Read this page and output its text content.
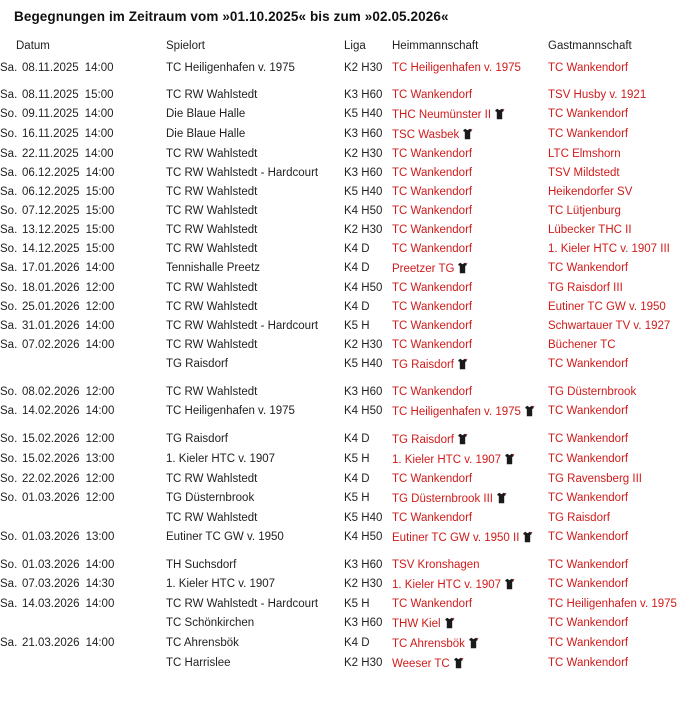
Begegnungen im Zeitraum vom »01.10.2025« bis zum »02.05.2026«
Datum	Spielort	Liga	Heimmannschaft	Gastmannschaft
Sa. 08.11.2025 14:00	TC Heiligenhafen v. 1975	K2 H30	TC Heiligenhafen v. 1975	TC Wankendorf
Sa. 08.11.2025 15:00	TC RW Wahlstedt	K3 H60	TC Wankendorf	TSV Husby v. 1921
So. 09.11.2025 14:00	Die Blaue Halle	K5 H40	THC Neumünster II	TC Wankendorf
So. 16.11.2025 14:00	Die Blaue Halle	K3 H60	TSC Wasbek	TC Wankendorf
Sa. 22.11.2025 14:00	TC RW Wahlstedt	K2 H30	TC Wankendorf	LTC Elmshorn
Sa. 06.12.2025 14:00	TC RW Wahlstedt - Hardcourt	K3 H60	TC Wankendorf	TSV Mildstedt
Sa. 06.12.2025 15:00	TC RW Wahlstedt	K5 H40	TC Wankendorf	Heikendorfer SV
So. 07.12.2025 15:00	TC RW Wahlstedt	K4 H50	TC Wankendorf	TC Lütjenburg
Sa. 13.12.2025 15:00	TC RW Wahlstedt	K2 H30	TC Wankendorf	Lübecker THC II
So. 14.12.2025 15:00	TC RW Wahlstedt	K4 D	TC Wankendorf	1. Kieler HTC v. 1907 III
Sa. 17.01.2026 14:00	Tennishalle Preetz	K4 D	Preetzer TG	TC Wankendorf
So. 18.01.2026 12:00	TC RW Wahlstedt	K4 H50	TC Wankendorf	TG Raisdorf III
So. 25.01.2026 12:00	TC RW Wahlstedt	K4 D	TC Wankendorf	Eutiner TC GW v. 1950
Sa. 31.01.2026 14:00	TC RW Wahlstedt - Hardcourt	K5 H	TC Wankendorf	Schwartauer TV v. 1927
Sa. 07.02.2026 14:00	TC RW Wahlstedt	K2 H30	TC Wankendorf	Büchener TC
	TG Raisdorf	K5 H40	TG Raisdorf	TC Wankendorf
So. 08.02.2026 12:00	TC RW Wahlstedt	K3 H60	TC Wankendorf	TG Düsternbrook
Sa. 14.02.2026 14:00	TC Heiligenhafen v. 1975	K4 H50	TC Heiligenhafen v. 1975	TC Wankendorf
So. 15.02.2026 12:00	TG Raisdorf	K4 D	TG Raisdorf	TC Wankendorf
So. 15.02.2026 13:00	1. Kieler HTC v. 1907	K5 H	1. Kieler HTC v. 1907	TC Wankendorf
So. 22.02.2026 12:00	TC RW Wahlstedt	K4 D	TC Wankendorf	TG Ravensberg III
So. 01.03.2026 12:00	TG Düsternbrook	K5 H	TG Düsternbrook III	TC Wankendorf
	TC RW Wahlstedt	K5 H40	TC Wankendorf	TG Raisdorf
So. 01.03.2026 13:00	Eutiner TC GW v. 1950	K4 H50	Eutiner TC GW v. 1950 II	TC Wankendorf
So. 01.03.2026 14:00	TH Suchsdorf	K3 H60	TSV Kronshagen	TC Wankendorf
Sa. 07.03.2026 14:30	1. Kieler HTC v. 1907	K2 H30	1. Kieler HTC v. 1907	TC Wankendorf
Sa. 14.03.2026 14:00	TC RW Wahlstedt - Hardcourt	K5 H	TC Wankendorf	TC Heiligenhafen v. 1975
	TC Schönkirchen	K3 H60	THW Kiel	TC Wankendorf
Sa. 21.03.2026 14:00	TC Ahrensbök	K4 D	TC Ahrensbök	TC Wankendorf
	TC Harrislee	K2 H30	Weeser TC	TC Wankendorf
